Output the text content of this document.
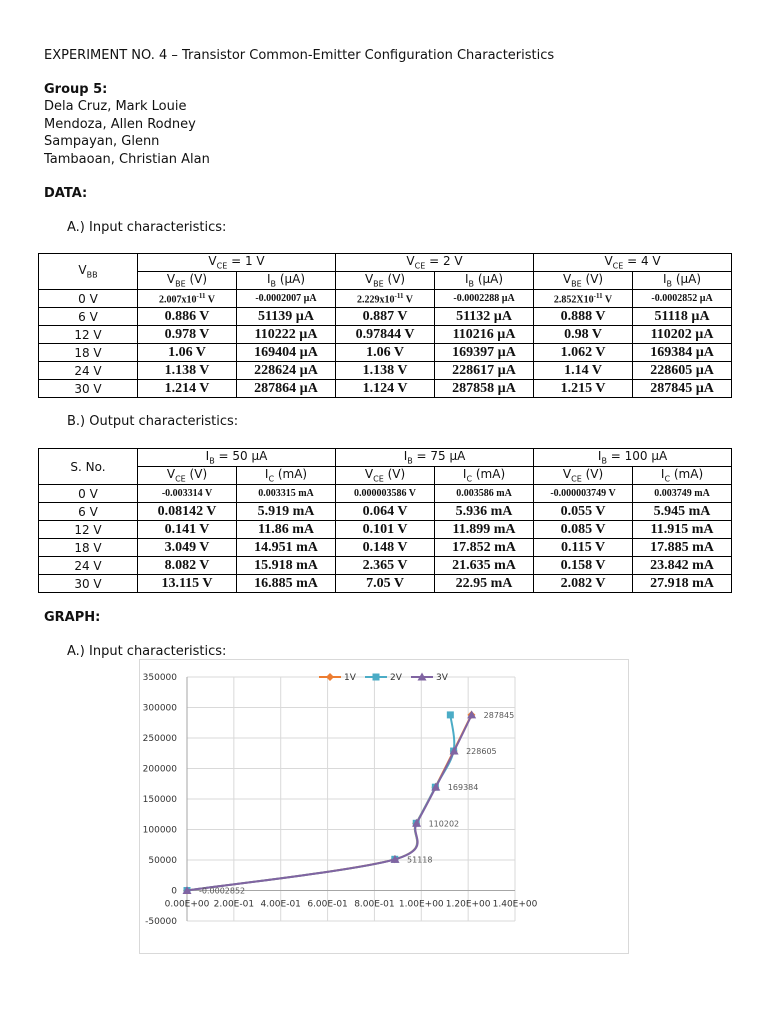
EXPERIMENT NO. 4 – Transistor Common-Emitter Configuration Characteristics
Group 5:
Dela Cruz, Mark Louie
Mendoza, Allen Rodney
Sampayan, Glenn
Tambaoan, Christian Alan
DATA:
A.) Input characteristics:
$V_{BB}$	$V_{CE} = 1$ V		$V_{CE} = 2$ V		$V_{CE} = 4$ V	
	$V_{BE}$ (V)	$I_B$ (µA)	$V_{BE}$ (V)	$I_B$ (µA)	$V_{BE}$ (V)	$I_B$ (µA)
0 V	$2.007x10^{-11}$ V	-0.0002007 µA	$2.229x10^{-11}$ V	-0.0002288 µA	$2.852X10^{-11}$ V	-0.0002852 µA
6 V	0.886 V	51139 µA	0.887 V	51132 µA	0.888 V	51118 µA
12 V	0.978 V	110222 µA	0.97844 V	110216 µA	0.98 V	110202 µA
18 V	1.06 V	169404 µA	1.06 V	169397 µA	1.062 V	169384 µA
24 V	1.138 V	228624 µA	1.138 V	228617 µA	1.14 V	228605 µA
30 V	1.214 V	287864 µA	1.124 V	287858 µA	1.215 V	287845 µA
B.) Output characteristics:
S. No.	$I_B = 50$ µA		$I_B = 75$ µA		$I_B = 100$ µA	
	$V_{CE}$ (V)	$I_C$ (mA)	$V_{CE}$ (V)	$I_C$ (mA)	$V_{CE}$ (V)	$I_C$ (mA)
0 V	-0.003314 V	0.003315 mA	0.000003586 V	0.003586 mA	-0.000003749 V	0.003749 mA
6 V	0.08142 V	5.919 mA	0.064 V	5.936 mA	0.055 V	5.945 mA
12 V	0.141 V	11.86 mA	0.101 V	11.899 mA	0.085 V	11.915 mA
18 V	3.049 V	14.951 mA	0.148 V	17.852 mA	0.115 V	17.885 mA
24 V	8.082 V	15.918 mA	2.365 V	21.635 mA	0.158 V	23.842 mA
30 V	13.115 V	16.885 mA	7.05 V	22.95 mA	2.082 V	27.918 mA
GRAPH:
A.) Input characteristics:
350000
300000
250000
200000
150000
100000
50000
0
-50000
0.00E+00 2.00E-01 4.00E-01 6.00E-01 8.00E-01 1.00E+00 1.20E+00 1.40E+00
-0.0002852
51118
110202
169384
228605
287845
1V	2V	3V
